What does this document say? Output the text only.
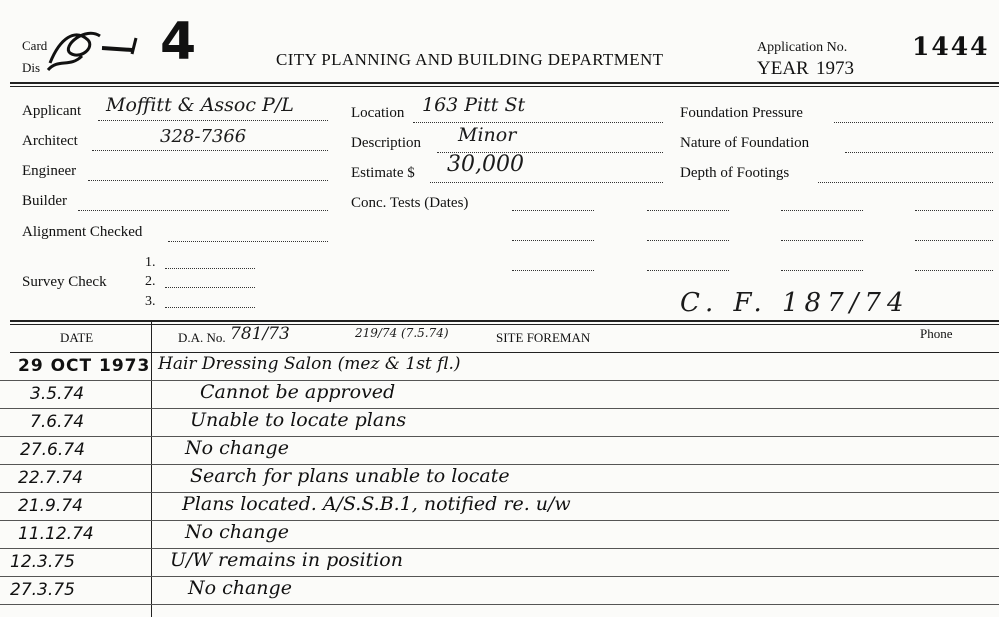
Card
Dis 4	CITY PLANNING AND BUILDING DEPARTMENT
Application No.	1444
YEAR 1973
Applicant Moffitt & Assoc P/L
Architect	328-7366
Engineer
Builder
Alignment Checked
Survey Check
1.
2.
3.
Location 163 Pitt St
Description Minor
Estimate $ 30,000
Conc. Tests (Dates)
Foundation Pressure
Nature of Foundation
Depth of Footings
C. F. 187/74
DATE	D.A. No. 781/73	219/74 (7.5.74)	SITE FOREMAN	Phone
29 OCT 1973 Hair Dressing Salon (mez & 1st fl.)
3.5.74	Cannot be approved
7.6.74	Unable to locate plans
27.6.74	No change
22.7.74	Search for plans unable to locate
21.9.74	Plans located. A/S.S.B.1, notified re. u/w
11.12.74	No change
12.3.75	U/W remains in position
27.3.75	No change
